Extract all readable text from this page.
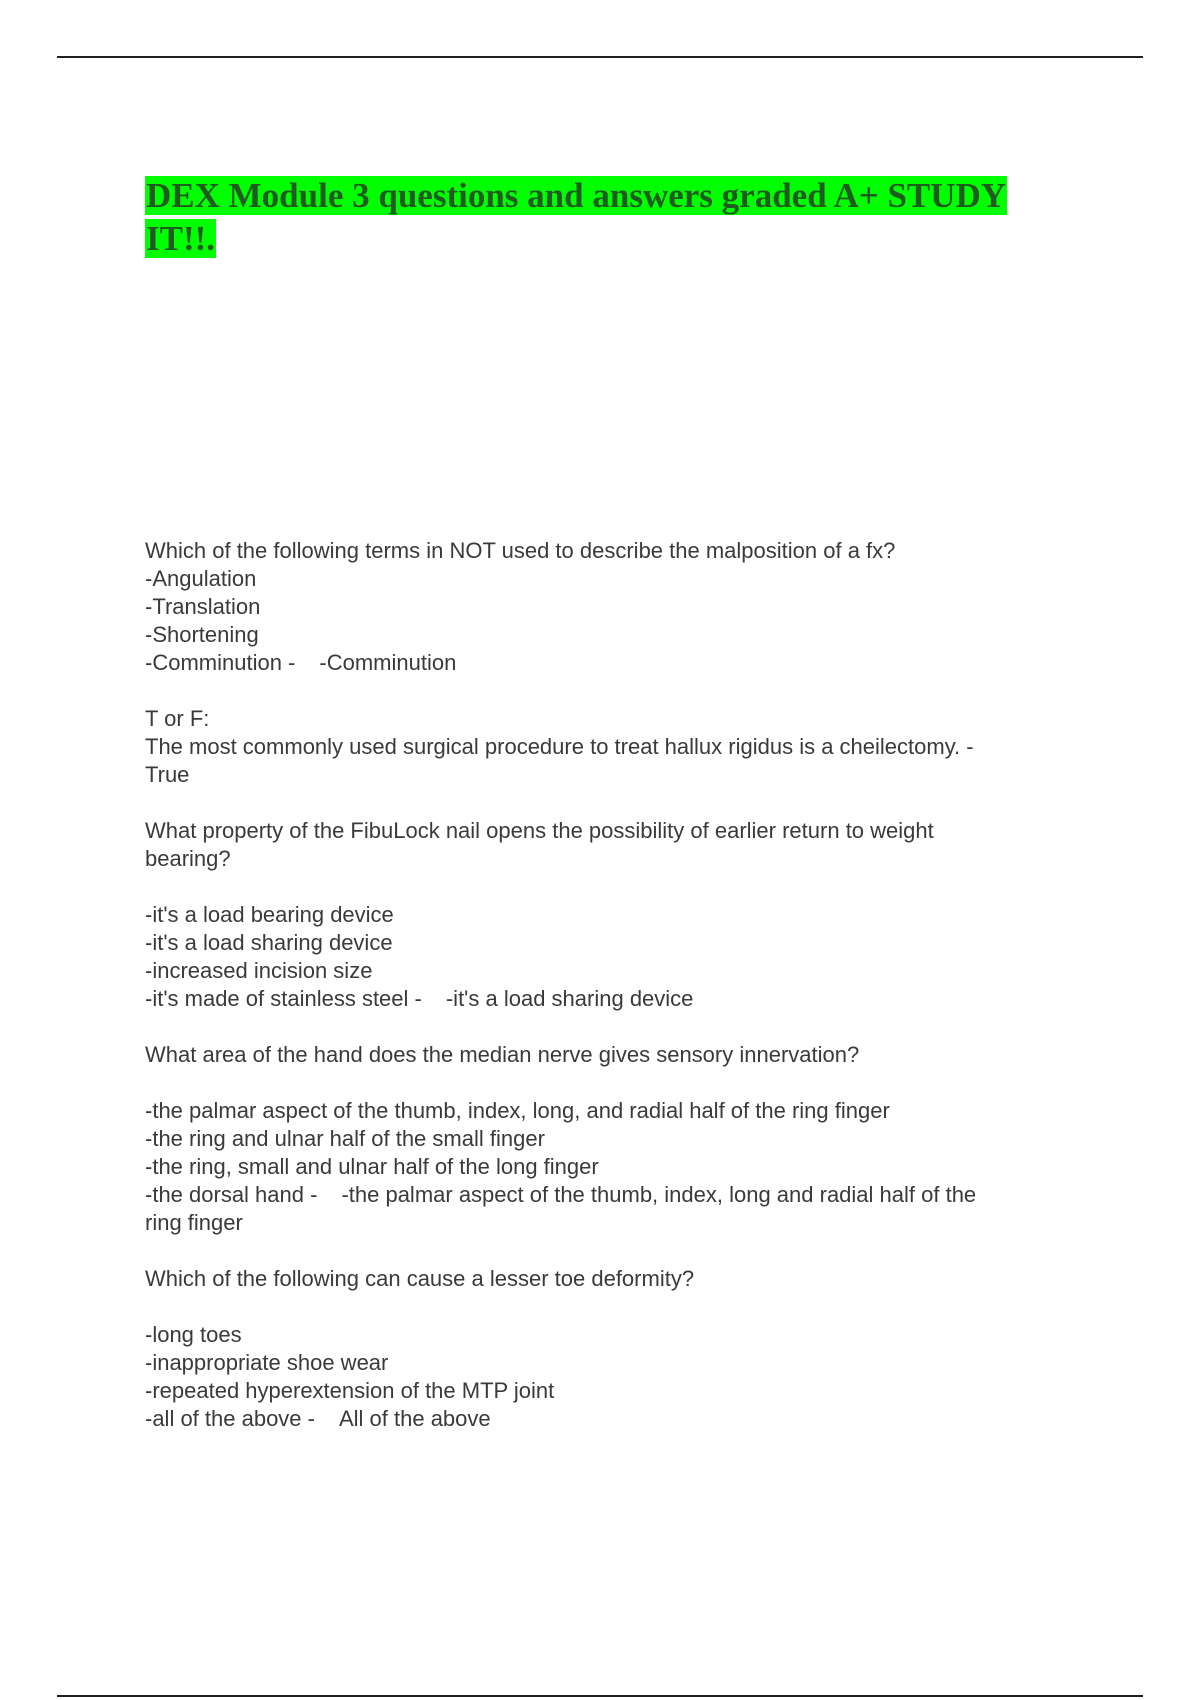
DEX Module 3 questions and answers graded A+ STUDY IT!!.
Which of the following terms in NOT used to describe the malposition of a fx?
-Angulation
-Translation
-Shortening
-Comminution - -Comminution
T or F:
The most commonly used surgical procedure to treat hallux rigidus is a cheilectomy. -
True
What property of the FibuLock nail opens the possibility of earlier return to weight
bearing?
-it's a load bearing device
-it's a load sharing device
-increased incision size
-it's made of stainless steel - -it's a load sharing device
What area of the hand does the median nerve gives sensory innervation?
-the palmar aspect of the thumb, index, long, and radial half of the ring finger
-the ring and ulnar half of the small finger
-the ring, small and ulnar half of the long finger
-the dorsal hand - -the palmar aspect of the thumb, index, long and radial half of the
ring finger
Which of the following can cause a lesser toe deformity?
-long toes
-inappropriate shoe wear
-repeated hyperextension of the MTP joint
-all of the above - All of the above
